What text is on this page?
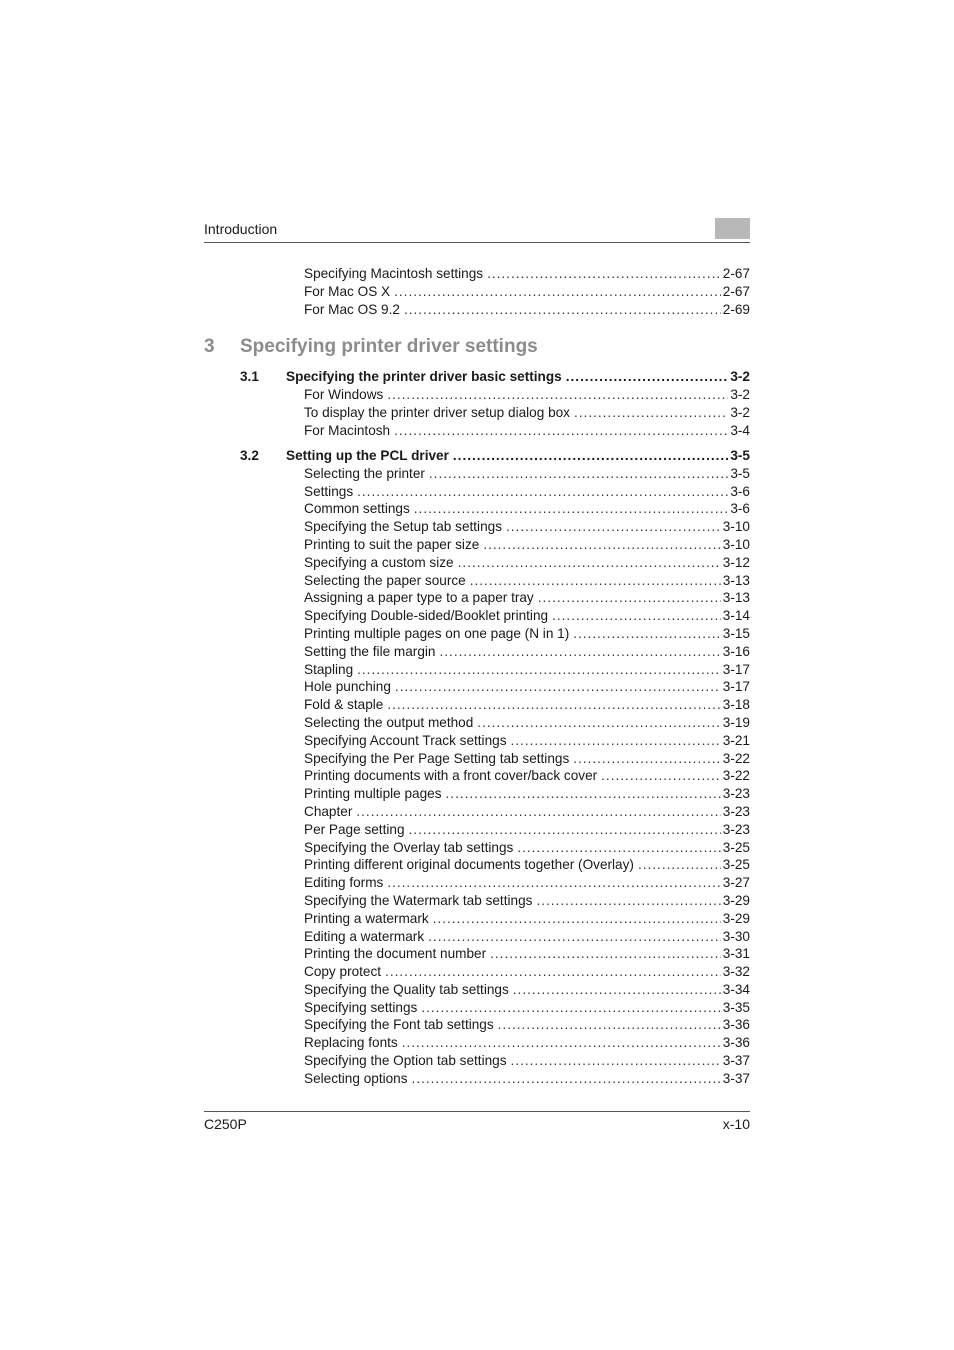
Introduction
Specifying Macintosh settings .....	2-67
For Mac OS X .....	2-67
For Mac OS 9.2 .....	2-69
3 Specifying printer driver settings
3.1	Specifying the printer driver basic settings .....	3-2
For Windows .....	3-2
To display the printer driver setup dialog box .....	3-2
For Macintosh .....	3-4
3.2	Setting up the PCL driver .....	3-5
Selecting the printer .....	3-5
Settings .....	3-6
Common settings .....	3-6
Specifying the Setup tab settings .....	3-10
Printing to suit the paper size .....	3-10
Specifying a custom size .....	3-12
Selecting the paper source .....	3-13
Assigning a paper type to a paper tray .....	3-13
Specifying Double-sided/Booklet printing .....	3-14
Printing multiple pages on one page (N in 1) .....	3-15
Setting the file margin .....	3-16
Stapling .....	3-17
Hole punching .....	3-17
Fold & staple .....	3-18
Selecting the output method .....	3-19
Specifying Account Track settings .....	3-21
Specifying the Per Page Setting tab settings .....	3-22
Printing documents with a front cover/back cover .....	3-22
Printing multiple pages .....	3-23
Chapter .....	3-23
Per Page setting .....	3-23
Specifying the Overlay tab settings .....	3-25
Printing different original documents together (Overlay) .....	3-25
Editing forms .....	3-27
Specifying the Watermark tab settings .....	3-29
Printing a watermark .....	3-29
Editing a watermark .....	3-30
Printing the document number .....	3-31
Copy protect .....	3-32
Specifying the Quality tab settings .....	3-34
Specifying settings .....	3-35
Specifying the Font tab settings .....	3-36
Replacing fonts .....	3-36
Specifying the Option tab settings .....	3-37
Selecting options .....	3-37
C250P	x-10
